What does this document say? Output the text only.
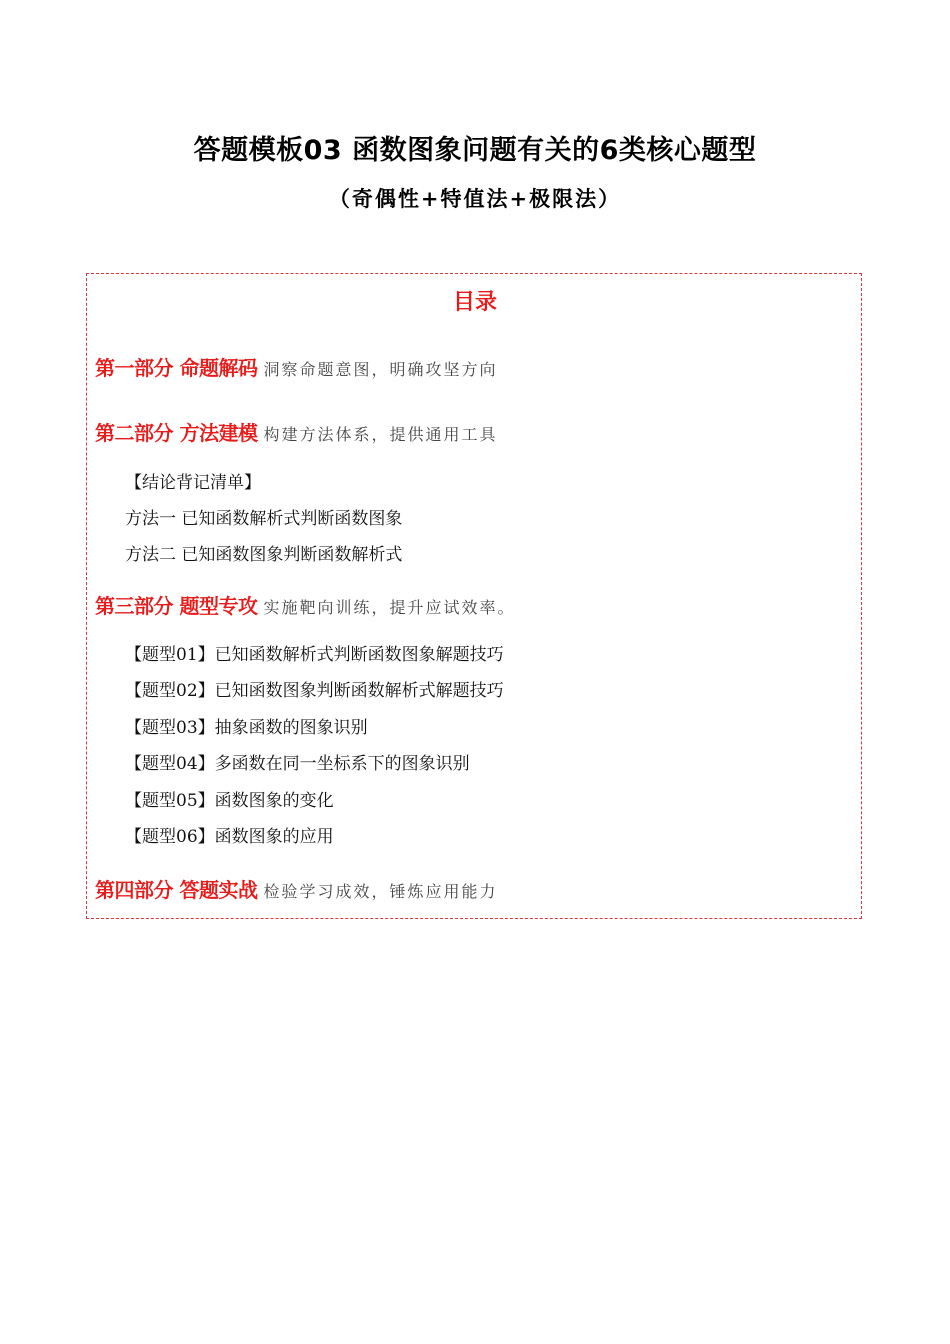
答题模板03 函数图象问题有关的6类核心题型
（奇偶性+特值法+极限法）
目录
第一部分 命题解码 洞察命题意图，明确攻坚方向
第二部分 方法建模 构建方法体系，提供通用工具
【结论背记清单】
方法一 已知函数解析式判断函数图象
方法二 已知函数图象判断函数解析式
第三部分 题型专攻 实施靶向训练，提升应试效率。
【题型01】已知函数解析式判断函数图象解题技巧
【题型02】已知函数图象判断函数解析式解题技巧
【题型03】抽象函数的图象识别
【题型04】多函数在同一坐标系下的图象识别
【题型05】函数图象的变化
【题型06】函数图象的应用
第四部分 答题实战 检验学习成效，锤炼应用能力
